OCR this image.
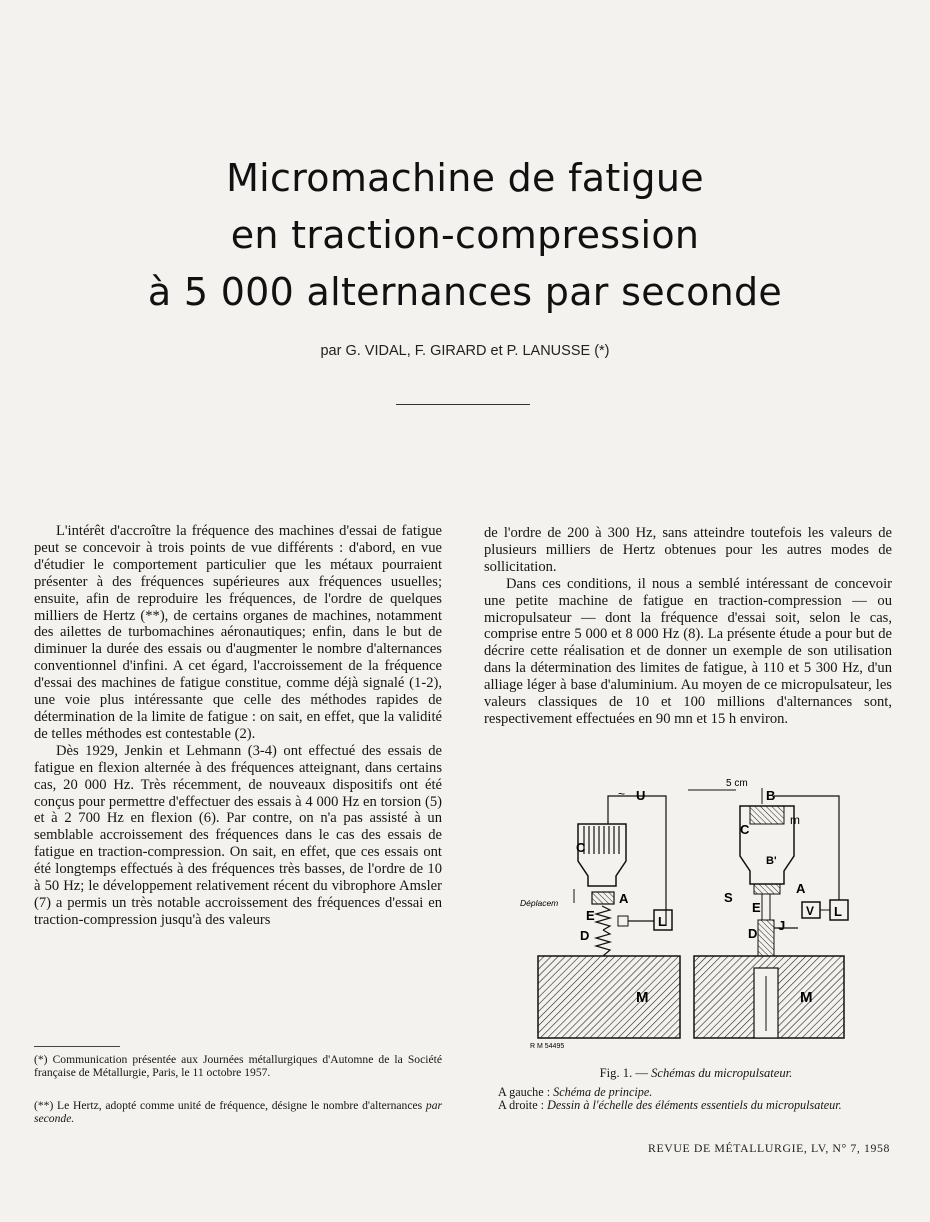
Micromachine de fatigue
en traction-compression
à 5 000 alternances par seconde
par G. VIDAL, F. GIRARD et P. LANUSSE (*)

L'intérêt d'accroître la fréquence des machines d'essai de fatigue peut se concevoir à trois points de vue différents : d'abord, en vue d'étudier le comportement particulier que les métaux pourraient présenter à des fréquences supérieures aux fréquences usuelles; ensuite, afin de reproduire les fréquences, de l'ordre de quelques milliers de Hertz (**), de certains organes de machines, notamment des ailettes de turbomachines aéronautiques; enfin, dans le but de diminuer la durée des essais ou d'augmenter le nombre d'alternances conventionnel d'infini. A cet égard, l'accroissement de la fréquence d'essai des machines de fatigue constitue, comme déjà signalé (1-2), une voie plus intéressante que celle des méthodes rapides de détermination de la limite de fatigue : on sait, en effet, que la validité de telles méthodes est contestable (2).

Dès 1929, Jenkin et Lehmann (3-4) ont effectué des essais de fatigue en flexion alternée à des fréquences atteignant, dans certains cas, 20 000 Hz. Très récemment, de nouveaux dispositifs ont été conçus pour permettre d'effectuer des essais à 4 000 Hz en torsion (5) et à 2 700 Hz en flexion (6). Par contre, on n'a pas assisté à un semblable accroissement des fréquences dans le cas des essais de fatigue en traction-compression. On sait, en effet, que ces essais ont été longtemps effectués à des fréquences très basses, de l'ordre de 10 à 50 Hz; le développement relativement récent du vibrophore Amsler (7) a permis un très notable accroissement des fréquences d'essai en traction-compression jusqu'à des valeurs

de l'ordre de 200 à 300 Hz, sans atteindre toutefois les valeurs de plusieurs milliers de Hertz obtenues pour les autres modes de sollicitation.

Dans ces conditions, il nous a semblé intéressant de concevoir une petite machine de fatigue en traction-compression — ou micropulsateur — dont la fréquence d'essai soit, selon le cas, comprise entre 5 000 et 8 000 Hz (8). La présente étude a pour but de décrire cette réalisation et de donner un exemple de son utilisation dans la détermination des limites de fatigue, à 110 et 5 300 Hz, d'un alliage léger à base d'aluminium. Au moyen de ce micropulsateur, les valeurs classiques de 10 et 100 millions d'alternances sont, respectivement effectuées en 90 mn et 15 h environ.

M
C
~ U
A
Déplacem
E
D
L
R M 54495
5 cm
M
C
B
m
B'
A
S
E
D
J
V L
Fig. 1. — Schémas du micropulsateur.
A gauche : Schéma de principe.
A droite : Dessin à l'échelle des éléments essentiels du micropulsateur.
(*) Communication présentée aux Journées métallurgiques d'Automne de la Société française de Métallurgie, Paris, le 11 octobre 1957.
(**) Le Hertz, adopté comme unité de fréquence, désigne le nombre d'alternances par seconde.
REVUE DE MÉTALLURGIE, LV, N° 7, 1958
